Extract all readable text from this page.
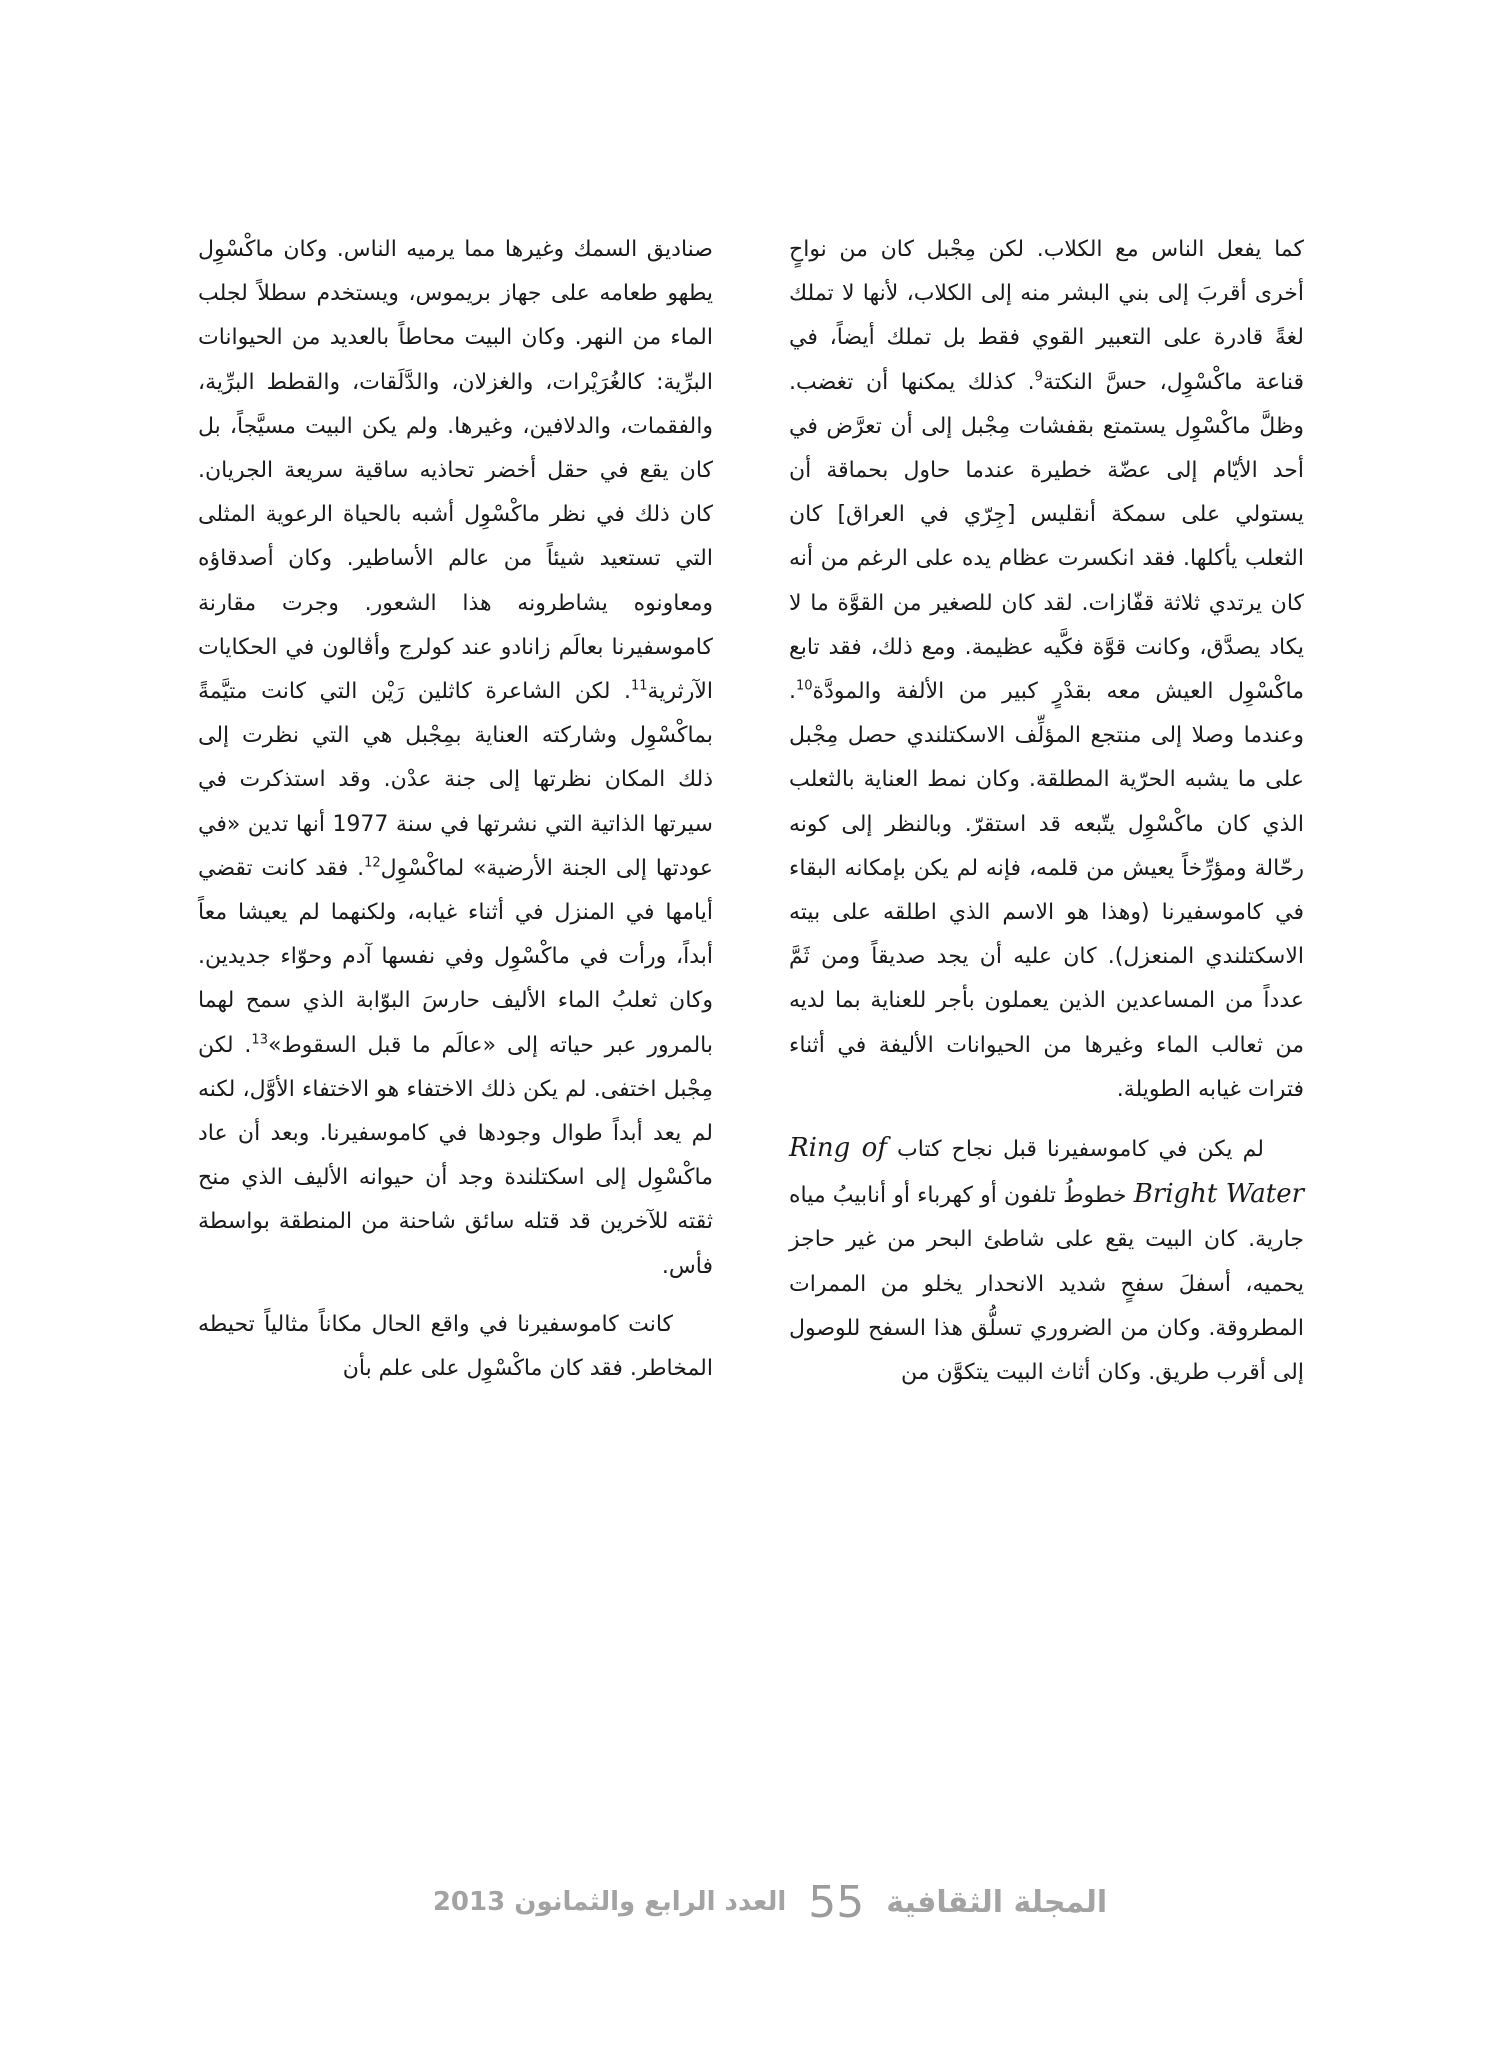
كما يفعل الناس مع الكلاب. لكن مِجْبل كان من نواحٍ أخرى أقربَ إلى بني البشر منه إلى الكلاب، لأنها لا تملك لغةً قادرة على التعبير القوي فقط بل تملك أيضاً، في قناعة ماكْسْوِل، حسَّ النكتة$^9$. كذلك يمكنها أن تغضب. وظلَّ ماكْسْوِل يستمتع بقفشات مِجْبل إلى أن تعرَّض في أحد الأيّام إلى عضّة خطيرة عندما حاول بحماقة أن يستولي على سمكة أنقليس [جِرّي في العراق] كان الثعلب يأكلها. فقد انكسرت عظام يده على الرغم من أنه كان يرتدي ثلاثة قفّازات. لقد كان للصغير من القوَّة ما لا يكاد يصدَّق، وكانت قوَّة فكَّيه عظيمة. ومع ذلك، فقد تابع ماكْسْوِل العيش معه بقدْرٍ كبير من الألفة والمودَّة$^{10}$. وعندما وصلا إلى منتجع المؤلِّف الاسكتلندي حصل مِجْبل على ما يشبه الحرّية المطلقة. وكان نمط العناية بالثعلب الذي كان ماكْسْوِل يتّبعه قد استقرّ. وبالنظر إلى كونه رحّالة ومؤرِّخاً يعيش من قلمه، فإنه لم يكن بإمكانه البقاء في كاموسفيرنا (وهذا هو الاسم الذي اطلقه على بيته الاسكتلندي المنعزل). كان عليه أن يجد صديقاً ومن ثَمَّ عدداً من المساعدين الذين يعملون بأجر للعناية بما لديه من ثعالب الماء وغيرها من الحيوانات الأليفة في أثناء فترات غيابه الطويلة.

لم يكن في كاموسفيرنا قبل نجاح كتاب Ring of Bright Water خطوطُ تلفون أو كهرباء أو أنابيبُ مياه جارية. كان البيت يقع على شاطئ البحر من غير حاجز يحميه، أسفلَ سفحٍ شديد الانحدار يخلو من الممرات المطروقة. وكان من الضروري تسلُّق هذا السفح للوصول إلى أقرب طريق. وكان أثاث البيت يتكوَّن من

صناديق السمك وغيرها مما يرميه الناس. وكان ماكْسْوِل يطهو طعامه على جهاز بريموس، ويستخدم سطلاً لجلب الماء من النهر. وكان البيت محاطاً بالعديد من الحيوانات البرِّية: كالغُرَيْرات، والغزلان، والدَّلَقات، والقطط البرِّية، والفقمات، والدلافين، وغيرها. ولم يكن البيت مسيَّجاً، بل كان يقع في حقل أخضر تحاذيه ساقية سريعة الجريان. كان ذلك في نظر ماكْسْوِل أشبه بالحياة الرعوية المثلى التي تستعيد شيئاً من عالم الأساطير. وكان أصدقاؤه ومعاونوه يشاطرونه هذا الشعور. وجرت مقارنة كاموسفيرنا بعالَم زانادو عند كولرج وأڤالون في الحكايات الآرثرية$^{11}$. لكن الشاعرة كاثلين رَيْن التي كانت متيَّمةً بماكْسْوِل وشاركته العناية بمِجْبل هي التي نظرت إلى ذلك المكان نظرتها إلى جنة عدْن. وقد استذكرت في سيرتها الذاتية التي نشرتها في سنة 1977 أنها تدين «في عودتها إلى الجنة الأرضية» لماكْسْوِل$^{12}$. فقد كانت تقضي أيامها في المنزل في أثناء غيابه، ولكنهما لم يعيشا معاً أبداً، ورأت في ماكْسْوِل وفي نفسها آدم وحوّاء جديدين. وكان ثعلبُ الماء الأليف حارسَ البوّابة الذي سمح لهما بالمرور عبر حياته إلى «عالَم ما قبل السقوط»$^{13}$. لكن مِجْبل اختفى. لم يكن ذلك الاختفاء هو الاختفاء الأوَّل، لكنه لم يعد أبداً طوال وجودها في كاموسفيرنا. وبعد أن عاد ماكْسْوِل إلى اسكتلندة وجد أن حيوانه الأليف الذي منح ثقته للآخرين قد قتله سائق شاحنة من المنطقة بواسطة فأس.

كانت كاموسفيرنا في واقع الحال مكاناً مثالياً تحيطه المخاطر. فقد كان ماكْسْوِل على علم بأن

المجلة الثقافية
55
العدد الرابع والثمانون 2013
